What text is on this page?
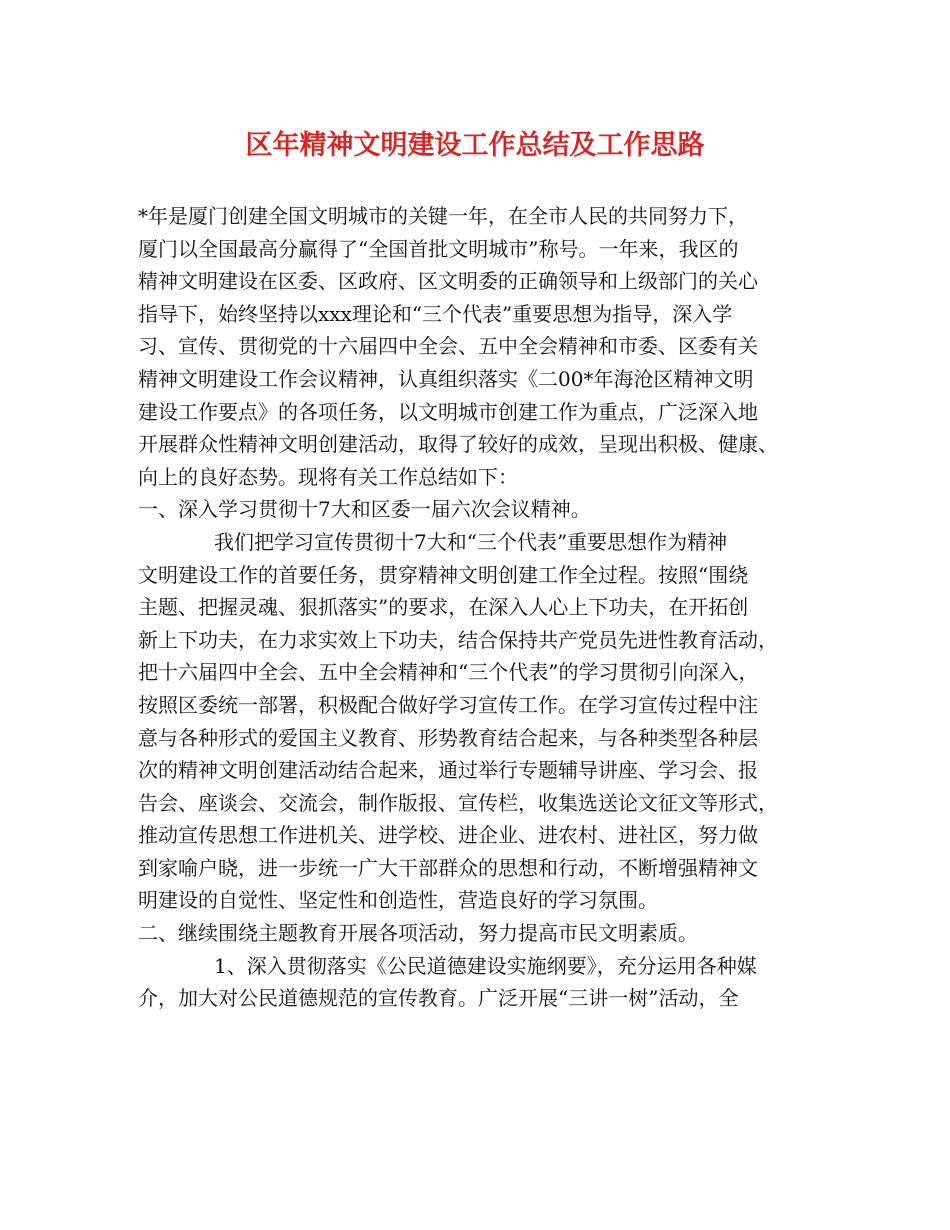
区年精神文明建设工作总结及工作思路
*年是厦门创建全国文明城市的关键一年，在全市人民的共同努力下，
厦门以全国最高分赢得了“全国首批文明城市”称号。一年来，我区的
精神文明建设在区委、区政府、区文明委的正确领导和上级部门的关心
指导下，始终坚持以xxx理论和“三个代表”重要思想为指导，深入学
习、宣传、贯彻党的十六届四中全会、五中全会精神和市委、区委有关
精神文明建设工作会议精神，认真组织落实《二00*年海沧区精神文明
建设工作要点》的各项任务，以文明城市创建工作为重点，广泛深入地
开展群众性精神文明创建活动，取得了较好的成效，呈现出积极、健康、
向上的良好态势。现将有关工作总结如下：
一、深入学习贯彻十7大和区委一届六次会议精神。
我们把学习宣传贯彻十7大和“三个代表”重要思想作为精神
文明建设工作的首要任务，贯穿精神文明创建工作全过程。按照“围绕
主题、把握灵魂、狠抓落实”的要求，在深入人心上下功夫，在开拓创
新上下功夫，在力求实效上下功夫，结合保持共产党员先进性教育活动，
把十六届四中全会、五中全会精神和“三个代表”的学习贯彻引向深入，
按照区委统一部署，积极配合做好学习宣传工作。在学习宣传过程中注
意与各种形式的爱国主义教育、形势教育结合起来，与各种类型各种层
次的精神文明创建活动结合起来，通过举行专题辅导讲座、学习会、报
告会、座谈会、交流会，制作版报、宣传栏，收集选送论文征文等形式，
推动宣传思想工作进机关、进学校、进企业、进农村、进社区，努力做
到家喻户晓，进一步统一广大干部群众的思想和行动，不断增强精神文
明建设的自觉性、坚定性和创造性，营造良好的学习氛围。
二、继续围绕主题教育开展各项活动，努力提高市民文明素质。
1、深入贯彻落实《公民道德建设实施纲要》，充分运用各种媒
介，加大对公民道德规范的宣传教育。广泛开展“三讲一树”活动，全
